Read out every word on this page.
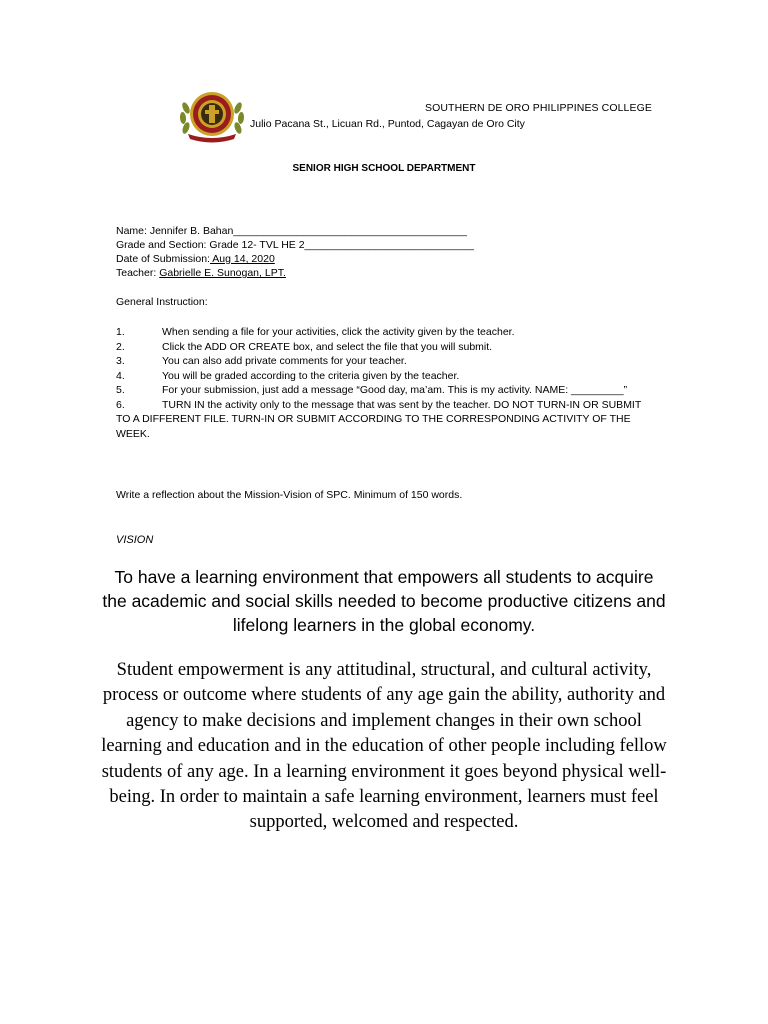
SOUTHERN DE ORO PHILIPPINES COLLEGE
Julio Pacana St., Licuan Rd., Puntod, Cagayan de Oro City
SENIOR HIGH SCHOOL DEPARTMENT
Name: Jennifer B. Bahan________________________________________
Grade and Section: Grade 12- TVL HE 2_____________________________
Date of Submission: Aug 14, 2020
Teacher: Gabrielle E. Sunogan, LPT.
General Instruction:
1.	When sending a file for your activities, click the activity given by the teacher.
2.	Click the ADD OR CREATE box, and select the file that you will submit.
3.	You can also add private comments for your teacher.
4.	You will be graded according to the criteria given by the teacher.
5.	For your submission, just add a message “Good day, ma’am. This is my activity. NAME: _________”
6.	TURN IN the activity only to the message that was sent by the teacher. DO NOT TURN-IN OR SUBMIT TO A DIFFERENT FILE. TURN-IN OR SUBMIT ACCORDING TO THE CORRESPONDING ACTIVITY OF THE WEEK.
Write a reflection about the Mission-Vision of SPC. Minimum of 150 words.
VISION
To have a learning environment that empowers all students to acquire the academic and social skills needed to become productive citizens and lifelong learners in the global economy.
Student empowerment is any attitudinal, structural, and cultural activity, process or outcome where students of any age gain the ability, authority and agency to make decisions and implement changes in their own school learning and education and in the education of other people including fellow students of any age. In a learning environment it goes beyond physical well-being. In order to maintain a safe learning environment, learners must feel supported, welcomed and respected.
